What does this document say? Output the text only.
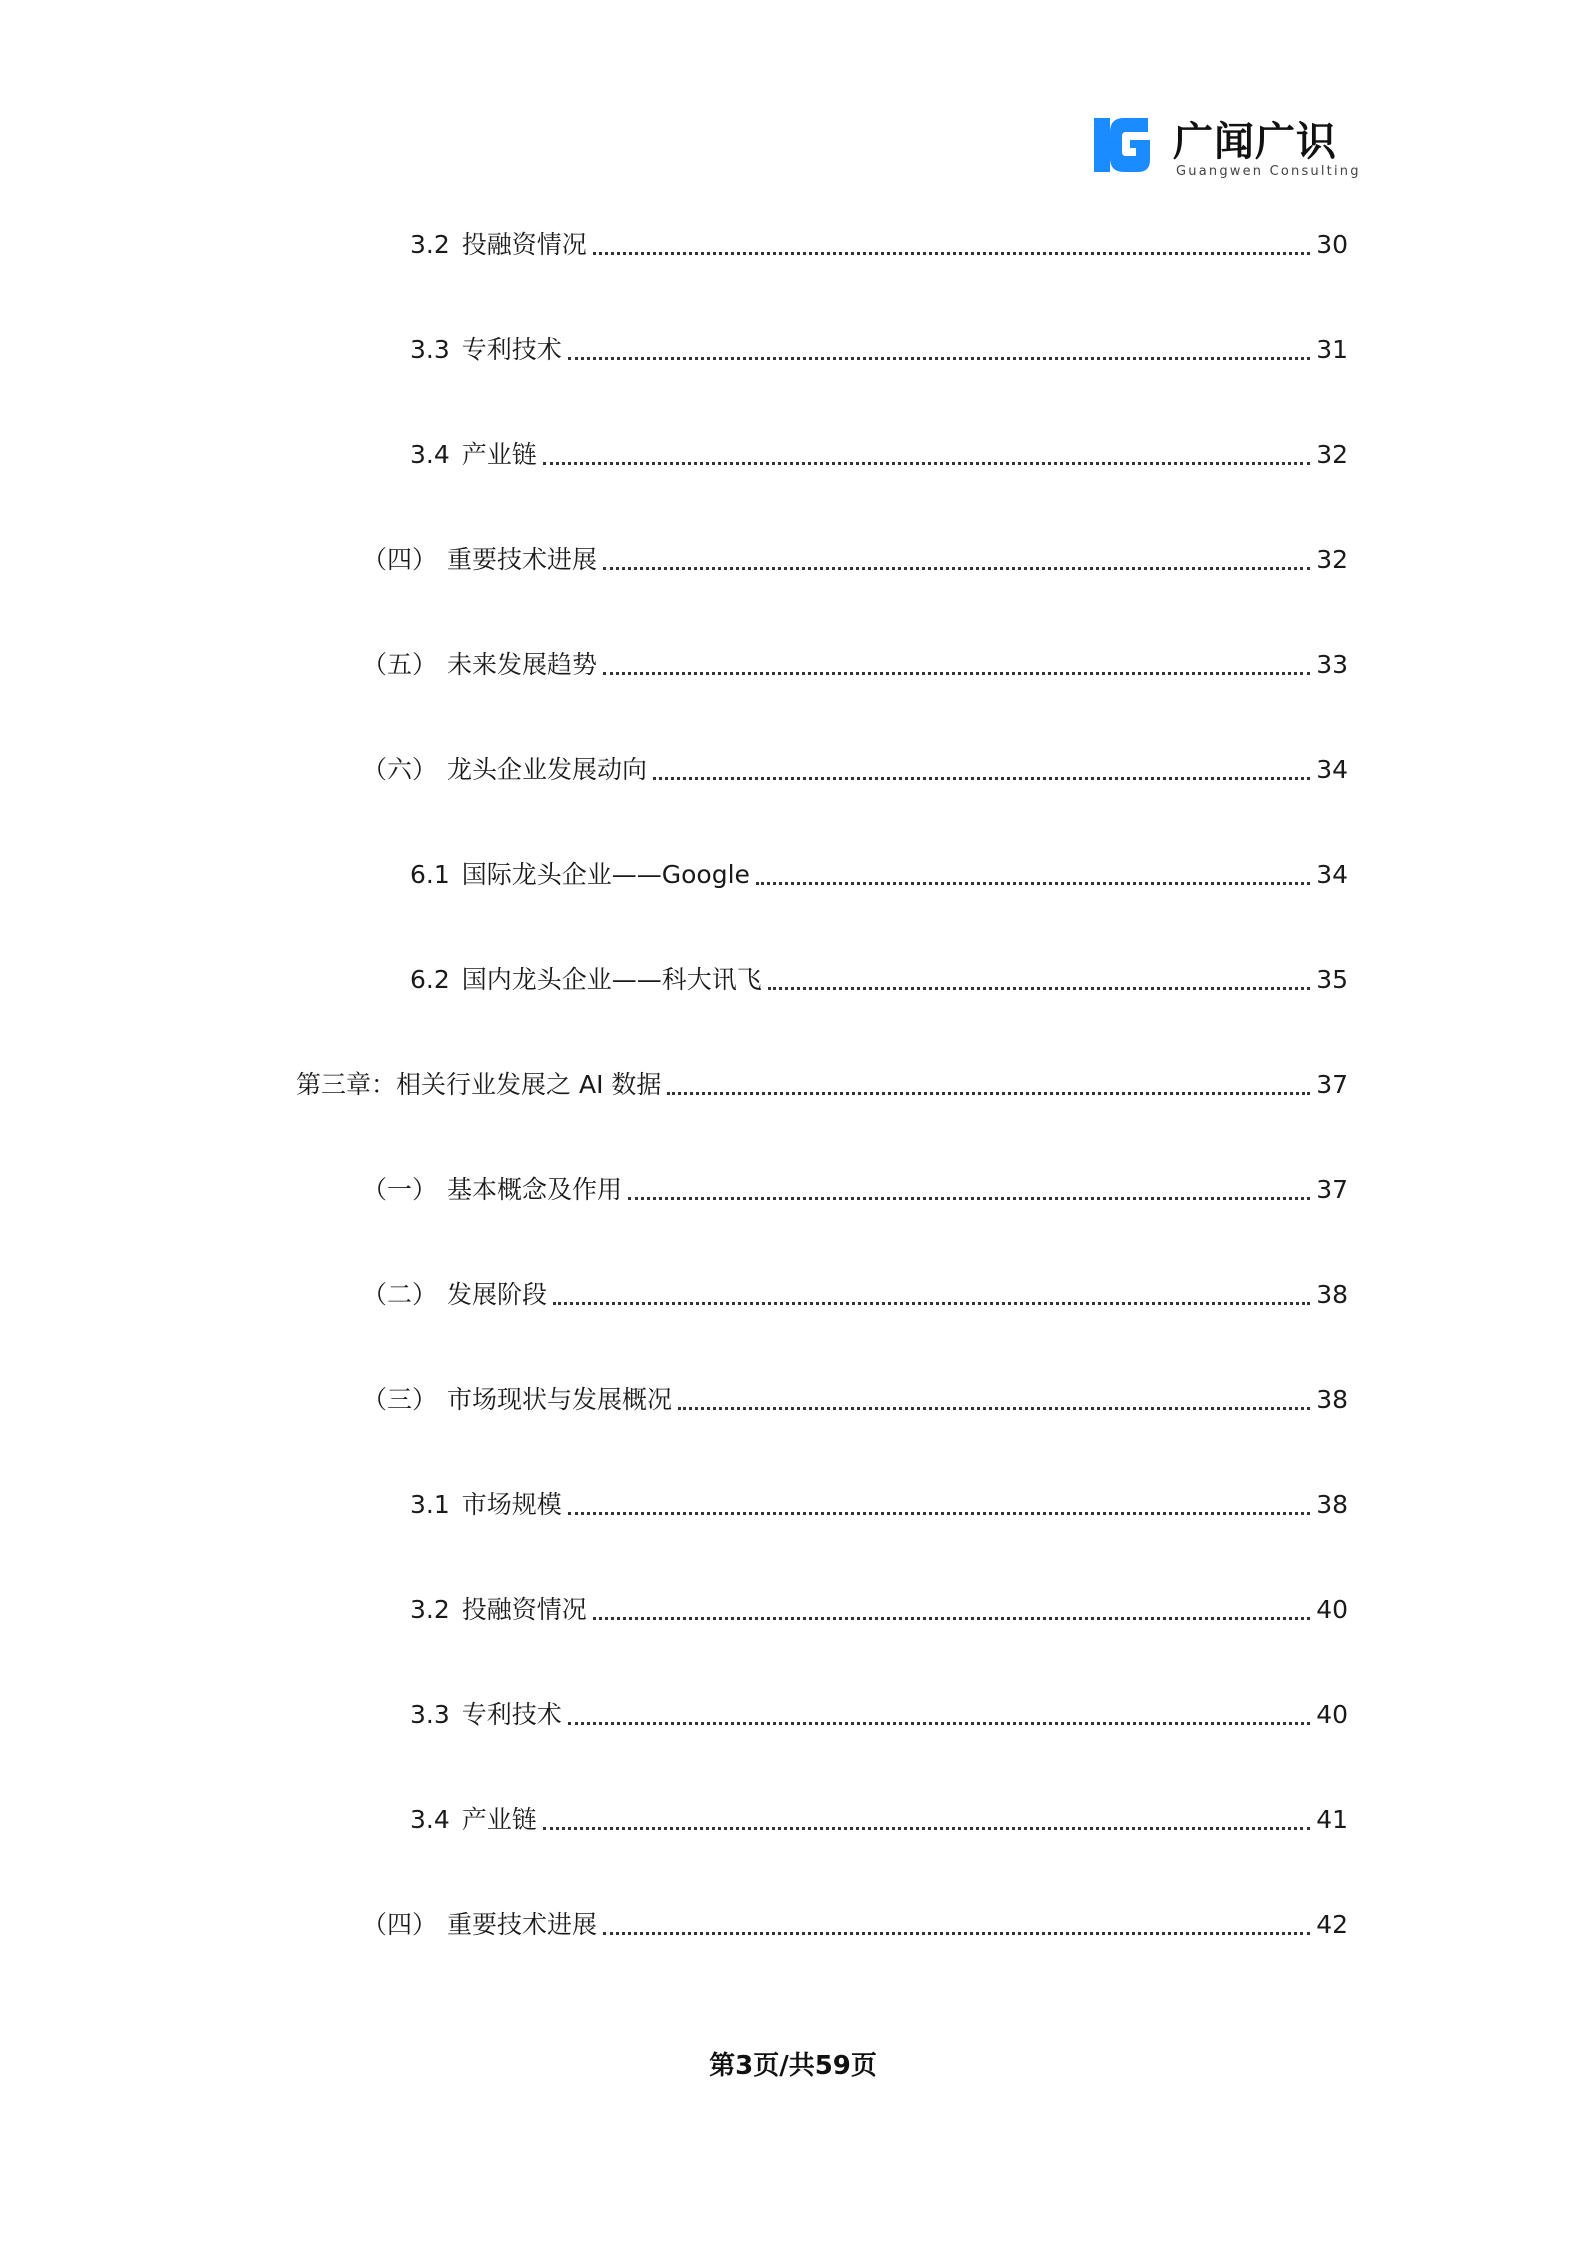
广闻广识
Guangwen Consulting
3.2 投融资情况	30
3.3 专利技术	31
3.4 产业链	32
（四） 重要技术进展	32
（五） 未来发展趋势	33
（六） 龙头企业发展动向	34
6.1 国际龙头企业——Google	34
6.2 国内龙头企业——科大讯飞	35
第三章： 相关行业发展之 AI 数据	37
（一） 基本概念及作用	37
（二） 发展阶段	38
（三） 市场现状与发展概况	38
3.1 市场规模	38
3.2 投融资情况	40
3.3 专利技术	40
3.4 产业链	41
（四） 重要技术进展	42
第3页/共59页
